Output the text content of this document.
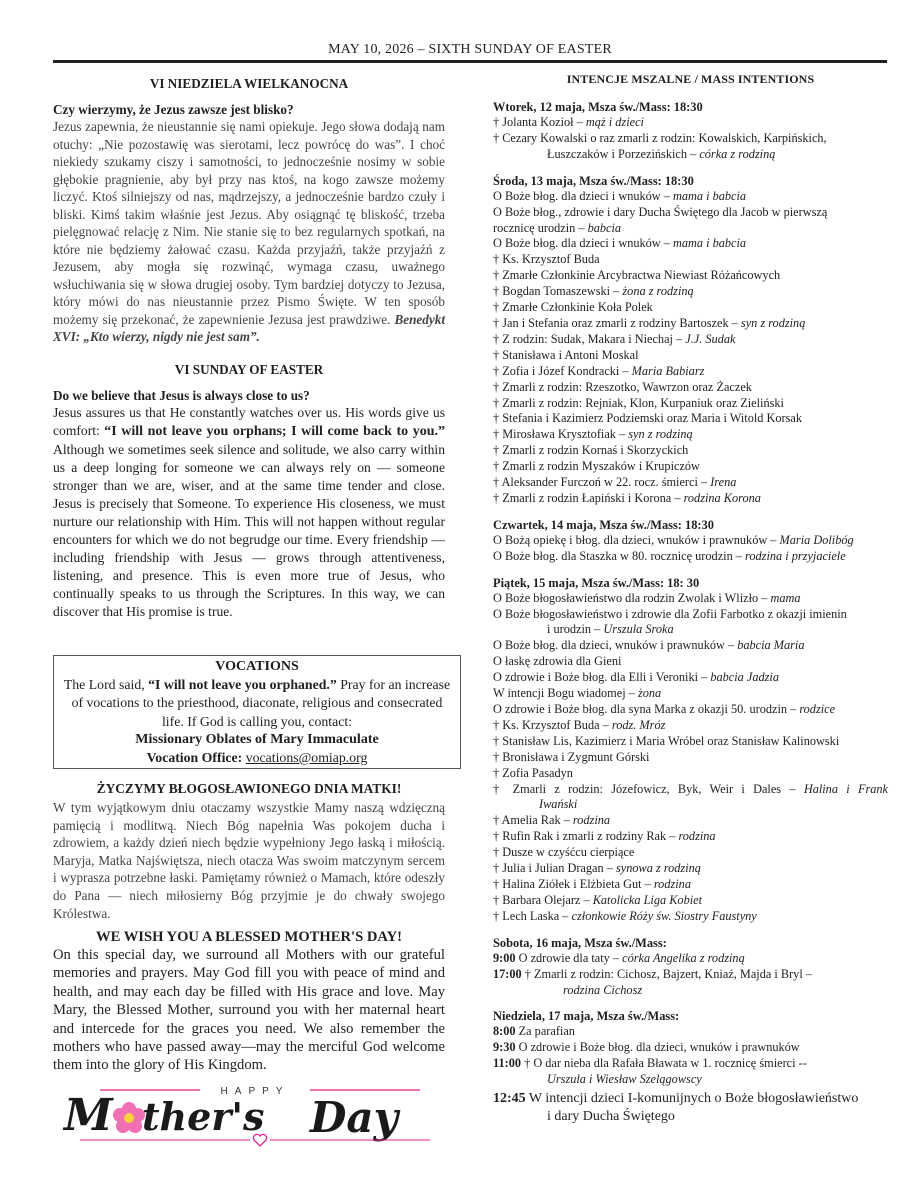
MAY 10, 2026 – SIXTH SUNDAY OF EASTER
VI NIEDZIELA WIELKANOCNA
Czy wierzymy, że Jezus zawsze jest blisko?
Jezus zapewnia, że nieustannie się nami opiekuje. Jego słowa dodają nam otuchy: „Nie pozostawię was sierotami, lecz powrócę do was”. I choć niekiedy szukamy ciszy i samotności, to jednocześnie nosimy w sobie głębokie pragnienie, aby był przy nas ktoś, na kogo zawsze możemy liczyć. Ktoś silniejszy od nas, mądrzejszy, a jednocześnie bardzo czuły i bliski. Kimś takim właśnie jest Jezus. Aby osiągnąć tę bliskość, trzeba pielęgnować relację z Nim. Nie stanie się to bez regularnych spotkań, na które nie będziemy żałować czasu. Każda przyjaźń, także przyjaźń z Jezusem, aby mogła się rozwinąć, wymaga czasu, uważnego wsłuchiwania się w słowa drugiej osoby. Tym bardziej dotyczy to Jezusa, który mówi do nas nieustannie przez Pismo Święte. W ten sposób możemy się przekonać, że zapewnienie Jezusa jest prawdziwe. Benedykt XVI: „Kto wierzy, nigdy nie jest sam”.
VI SUNDAY OF EASTER
Do we believe that Jesus is always close to us?
Jesus assures us that He constantly watches over us. His words give us comfort: “I will not leave you orphans; I will come back to you.” Although we sometimes seek silence and solitude, we also carry within us a deep longing for someone we can always rely on — someone stronger than we are, wiser, and at the same time tender and close. Jesus is precisely that Someone. To experience His closeness, we must nurture our relationship with Him. This will not happen without regular encounters for which we do not begrudge our time. Every friendship — including friendship with Jesus — grows through attentiveness, listening, and presence. This is even more true of Jesus, who continually speaks to us through the Scriptures. In this way, we can discover that His promise is true.
VOCATIONS
The Lord said, “I will not leave you orphaned.” Pray for an increase of vocations to the priesthood, diaconate, religious and consecrated life. If God is calling you, contact:
Missionary Oblates of Mary Immaculate
Vocation Office: vocations@omiap.org
ŻYCZYMY BŁOGOSŁAWIONEGO DNIA MATKI!
W tym wyjątkowym dniu otaczamy wszystkie Mamy naszą wdzięczną pamięcią i modlitwą. Niech Bóg napełnia Was pokojem ducha i zdrowiem, a każdy dzień niech będzie wypełniony Jego łaską i miłością. Maryja, Matka Najświętsza, niech otacza Was swoim matczynym sercem i wyprasza potrzebne łaski. Pamiętamy również o Mamach, które odeszły do Pana — niech miłosierny Bóg przyjmie je do chwały swojego Królestwa.
WE WISH YOU A BLESSED MOTHER'S DAY!
On this special day, we surround all Mothers with our grateful memories and prayers. May God fill you with peace of mind and health, and may each day be filled with His grace and love. May Mary, the Blessed Mother, surround you with her maternal heart and intercede for the graces you need. We also remember the mothers who have passed away—may the merciful God welcome them into the glory of His Kingdom.
HAPPY
M ther's Day
INTENCJE MSZALNE / MASS INTENTIONS
Wtorek, 12 maja, Msza św./Mass: 18:30
† Jolanta Kozioł – mąż i dzieci
† Cezary Kowalski o raz zmarli z rodzin: Kowalskich, Karpińskich,
Łuszczaków i Porzezińskich – córka z rodziną
Środa, 13 maja, Msza św./Mass: 18:30
O Boże błog. dla dzieci i wnuków – mama i babcia
O Boże błog., zdrowie i dary Ducha Świętego dla Jacob w pierwszą
rocznicę urodzin – babcia
O Boże błog. dla dzieci i wnuków – mama i babcia
† Ks. Krzysztof Buda
† Zmarłe Członkinie Arcybractwa Niewiast Różańcowych
† Bogdan Tomaszewski – żona z rodziną
† Zmarłe Członkinie Koła Polek
† Jan i Stefania oraz zmarli z rodziny Bartoszek – syn z rodziną
† Z rodzin: Sudak, Makara i Niechaj – J.J. Sudak
† Stanisława i Antoni Moskal
† Zofia i Józef Kondracki – Maria Babiarz
† Zmarli z rodzin: Rzeszotko, Wawrzon oraz Żaczek
† Zmarli z rodzin: Rejniak, Klon, Kurpaniuk oraz Zieliński
† Stefania i Kazimierz Podziemski oraz Maria i Witold Korsak
† Mirosława Krysztofiak – syn z rodziną
† Zmarli z rodzin Kornaś i Skorzyckich
† Zmarli z rodzin Myszaków i Krupiczów
† Aleksander Furczoń w 22. rocz. śmierci – Irena
† Zmarli z rodzin Łapiński i Korona – rodzina Korona
Czwartek, 14 maja, Msza św./Mass: 18:30
O Bożą opiekę i błog. dla dzieci, wnuków i prawnuków – Maria Dolibóg
O Boże błog. dla Staszka w 80. rocznicę urodzin – rodzina i przyjaciele
Piątek, 15 maja, Msza św./Mass: 18: 30
O Boże błogosławieństwo dla rodzin Zwolak i Wlizło – mama
O Boże błogosławieństwo i zdrowie dla Zofii Farbotko z okazji imienin
i urodzin – Urszula Sroka
O Boże błog. dla dzieci, wnuków i prawnuków – babcia Maria
O łaskę zdrowia dla Gieni
O zdrowie i Boże błog. dla Elli i Veroniki – babcia Jadzia
W intencji Bogu wiadomej – żona
O zdrowie i Boże błog. dla syna Marka z okazji 50. urodzin – rodzice
† Ks. Krzysztof Buda – rodz. Mróz
† Stanisław Lis, Kazimierz i Maria Wróbel oraz Stanisław Kalinowski
† Bronisława i Zygmunt Górski
† Zofia Pasadyn
† Zmarli z rodzin: Józefowicz, Byk, Weir i Dales – Halina i Frank
Iwański
† Amelia Rak – rodzina
† Rufin Rak i zmarli z rodziny Rak – rodzina
† Dusze w czyśćcu cierpiące
† Julia i Julian Dragan – synowa z rodziną
† Halina Ziółek i Elżbieta Gut – rodzina
† Barbara Olejarz – Katolicka Liga Kobiet
† Lech Laska – członkowie Róży św. Siostry Faustyny
Sobota, 16 maja, Msza św./Mass:
9:00 O zdrowie dla taty – córka Angelika z rodziną
17:00 † Zmarli z rodzin: Cichosz, Bajzert, Kniaź, Majda i Bryl –
rodzina Cichosz
Niedziela, 17 maja, Msza św./Mass:
8:00 Za parafian
9:30 O zdrowie i Boże błog. dla dzieci, wnuków i prawnuków
11:00 † O dar nieba dla Rafała Bławata w 1. rocznicę śmierci --
Urszula i Wiesław Szelągowscy
12:45 W intencji dzieci I-komunijnych o Boże błogosławieństwo
i dary Ducha Świętego
